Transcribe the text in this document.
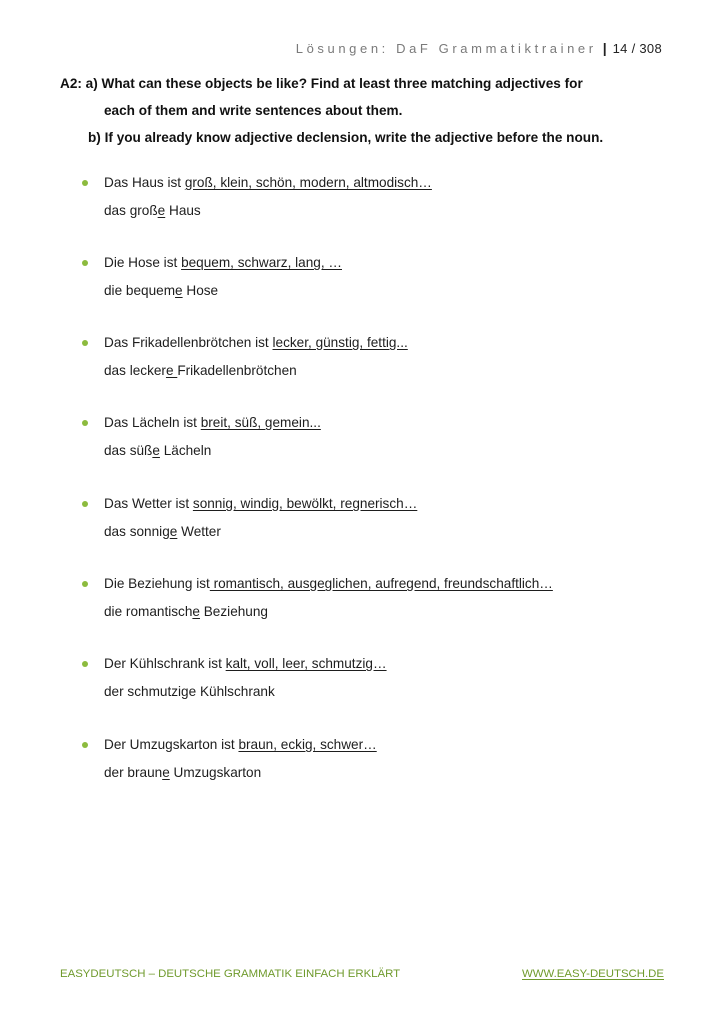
Lösungen: DaF Grammatiktrainer | 14 / 308

A2: a) What can these objects be like? Find at least three matching adjectives for

each of them and write sentences about them.

b) If you already know adjective declension, write the adjective before the noun.

Das Haus ist groß, klein, schön, modern, altmodisch…
das große Haus
Die Hose ist bequem, schwarz, lang, …
die bequeme Hose
Das Frikadellenbrötchen ist lecker, günstig, fettig...
das leckere Frikadellenbrötchen
Das Lächeln ist breit, süß, gemein...
das süße Lächeln
Das Wetter ist sonnig, windig, bewölkt, regnerisch…
das sonnige Wetter
Die Beziehung ist romantisch, ausgeglichen, aufregend, freundschaftlich…
die romantische Beziehung
Der Kühlschrank ist kalt, voll, leer, schmutzig…
der schmutzige Kühlschrank
Der Umzugskarton ist braun, eckig, schwer…
der braune Umzugskarton
EASYDEUTSCH – DEUTSCHE GRAMMATIK EINFACH ERKLÄRT	WWW.EASY-DEUTSCH.DE
